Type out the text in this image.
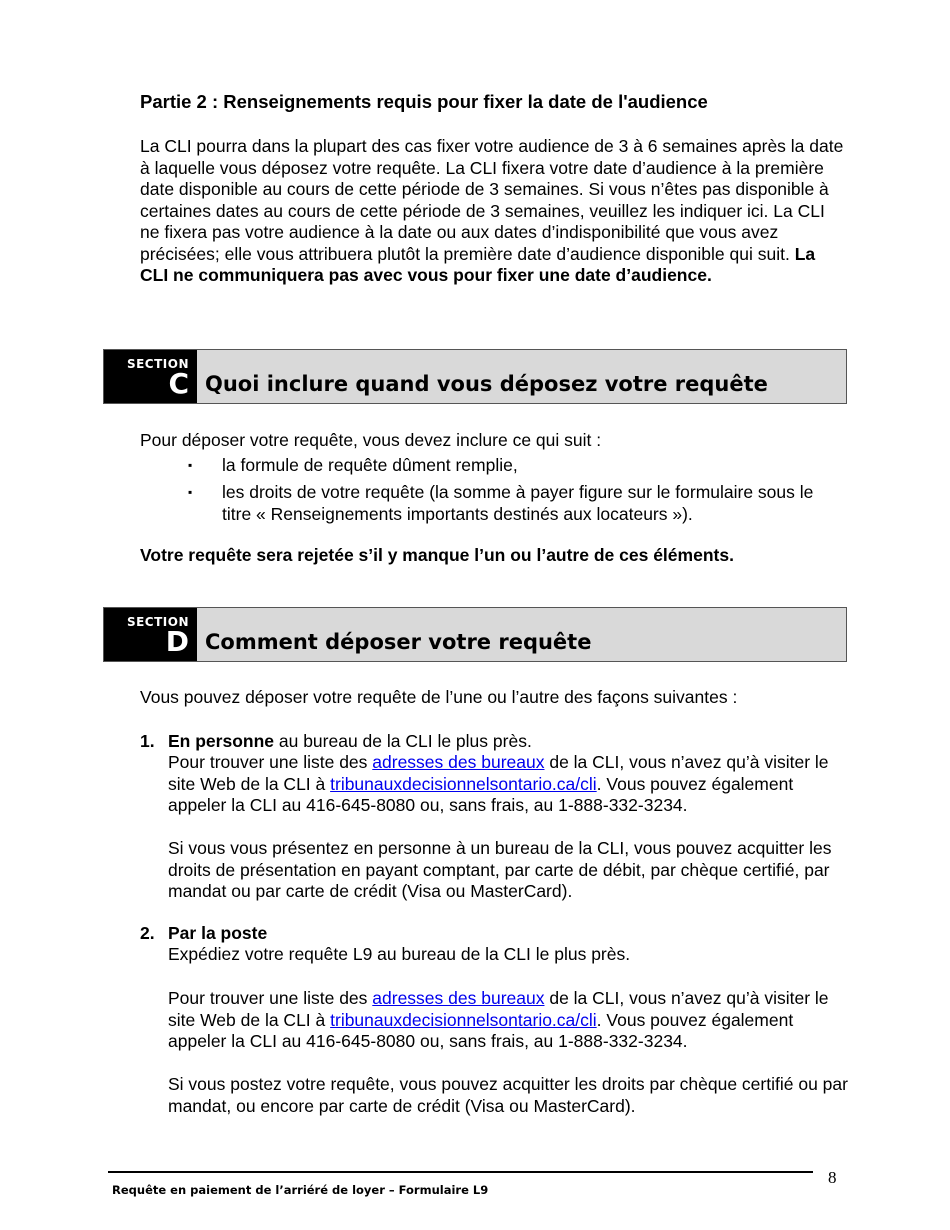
Partie 2 : Renseignements requis pour fixer la date de l'audience
La CLI pourra dans la plupart des cas fixer votre audience de 3 à 6 semaines après la date à laquelle vous déposez votre requête. La CLI fixera votre date d’audience à la première date disponible au cours de cette période de 3 semaines. Si vous n’êtes pas disponible à certaines dates au cours de cette période de 3 semaines, veuillez les indiquer ici. La CLI ne fixera pas votre audience à la date ou aux dates d’indisponibilité que vous avez précisées; elle vous attribuera plutôt la première date d’audience disponible qui suit. La CLI ne communiquera pas avec vous pour fixer une date d’audience.
SECTION
C Quoi inclure quand vous déposez votre requête
Pour déposer votre requête, vous devez inclure ce qui suit :
▪ la formule de requête dûment remplie,
▪ les droits de votre requête (la somme à payer figure sur le formulaire sous le titre « Renseignements importants destinés aux locateurs »).
Votre requête sera rejetée s’il y manque l’un ou l’autre de ces éléments.
SECTION
D Comment déposer votre requête
Vous pouvez déposer votre requête de l’une ou l’autre des façons suivantes :
1. En personne au bureau de la CLI le plus près.
Pour trouver une liste des adresses des bureaux de la CLI, vous n’avez qu’à visiter le site Web de la CLI à tribunauxdecisionnelsontario.ca/cli. Vous pouvez également appeler la CLI au 416-645-8080 ou, sans frais, au 1-888-332-3234.
Si vous vous présentez en personne à un bureau de la CLI, vous pouvez acquitter les droits de présentation en payant comptant, par carte de débit, par chèque certifié, par mandat ou par carte de crédit (Visa ou MasterCard).
2. Par la poste
Expédiez votre requête L9 au bureau de la CLI le plus près.
Pour trouver une liste des adresses des bureaux de la CLI, vous n’avez qu’à visiter le site Web de la CLI à tribunauxdecisionnelsontario.ca/cli. Vous pouvez également appeler la CLI au 416-645-8080 ou, sans frais, au 1-888-332-3234.
Si vous postez votre requête, vous pouvez acquitter les droits par chèque certifié ou par mandat, ou encore par carte de crédit (Visa ou MasterCard).
8
Requête en paiement de l’arriéré de loyer – Formulaire L9
